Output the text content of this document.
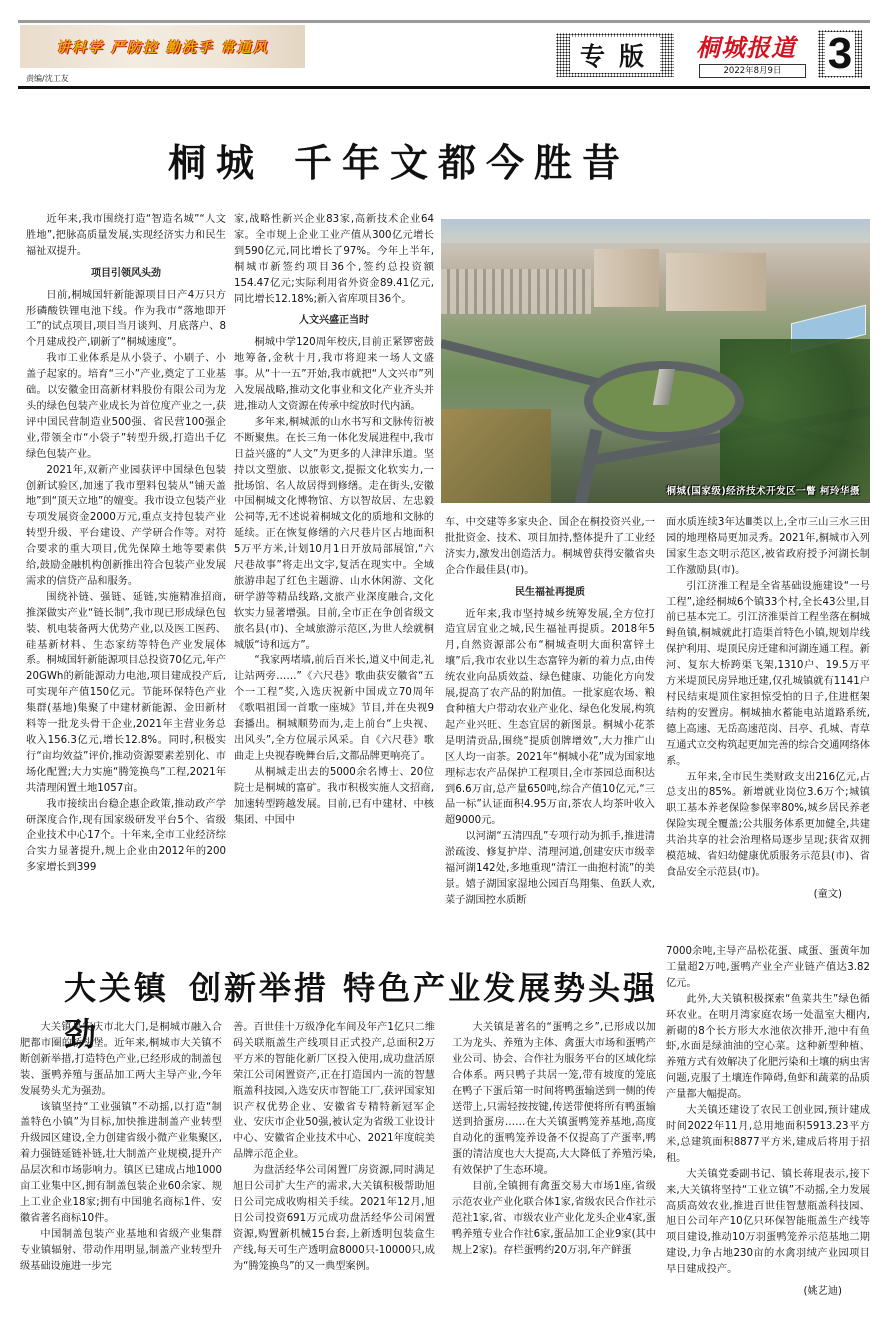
讲科学 严防控 勤洗手 常通风
责编/沈工友
专版 桐城报道
2022年8月9日	3
桐城 千年文都今胜昔

近年来,我市围绕打造“智造名城”“人文胜地”,把脉高质量发展,实现经济实力和民生福祉双提升。

项目引领风头劲

日前,桐城国轩新能源项目日产4万只方形磷酸铁锂电池下线。作为我市“落地即开工”的试点项目,项目当月谈判、月底落户、8个月建成投产,刷新了“桐城速度”。

我市工业体系是从小袋子、小刷子、小盖子起家的。培育“三小”产业,奠定了工业基础。以安徽金田高新材料股份有限公司为龙头的绿色包装产业成长为首位度产业之一,获评中国民营制造业500强、省民营100强企业,带领全市“小袋子”转型升级,打造出千亿绿色包装产业。

2021年,双新产业园获评中国绿色包装创新试验区,加速了我市塑料包装从“铺天盖地”到“顶天立地”的嬗变。我市设立包装产业专项发展资金2000万元,重点支持包装产业转型升级、平台建设、产学研合作等。对符合要求的重大项目,优先保障土地等要素供给,鼓励金融机构创新推出符合包装产业发展需求的信贷产品和服务。

围绕补链、强链、延链,实施精准招商,推深做实产业“链长制”,我市现已形成绿色包装、机电装备两大优势产业,以及医工医药、硅基新材料、生态家纺等特色产业发展体系。桐城国轩新能源项目总投资70亿元,年产20GWh的新能源动力电池,项目建成投产后,可实现年产值150亿元。节能环保特色产业集群(基地)集聚了中建材新能源、金田新材料等一批龙头骨干企业,2021年主营业务总收入156.3亿元,增长12.8%。同时,积极实行“亩均效益”评价,推动资源要素差别化、市场化配置;大力实施“腾笼换鸟”工程,2021年共清理闲置土地1057亩。

我市接续出台稳企惠企政策,推动政产学研深度合作,现有国家级研发平台5个、省级企业技术中心17个。十年来,全市工业经济综合实力显著提升,规上企业由2012年的200多家增长到399

家,战略性新兴企业83家,高新技术企业64家。全市规上企业工业产值从300亿元增长到590亿元,同比增长了97%。今年上半年,桐城市新签约项目36个,签约总投资额154.47亿元;实际利用省外资金89.41亿元,同比增长12.18%;新入省库项目36个。

人文兴盛正当时

桐城中学120周年校庆,目前正紧锣密鼓地筹备,金秋十月,我市将迎来一场人文盛事。从“十一五”开始,我市就把“人文兴市”列入发展战略,推动文化事业和文化产业齐头并进,推动人文资源在传承中绽放时代内涵。

多年来,桐城派的山水书写和文脉传衍被不断聚焦。在长三角一体化发展进程中,我市日益兴盛的“人文”为更多的人津津乐道。坚持以文塑旅、以旅彰文,提振文化软实力,一批场馆、名人故居得到修缮。走在街头,安徽中国桐城文化博物馆、方以智故居、左忠毅公祠等,无不述说着桐城文化的质地和文脉的延续。正在恢复修缮的六尺巷片区占地面积5万平方米,计划10月1日开放局部展馆,“六尺巷故事”将走出文字,复活在现实中。全域旅游串起了红色主题游、山水休闲游、文化研学游等精品线路,文旅产业深度融合,文化软实力显著增强。目前,全市正在争创省级文旅名县(市)、全域旅游示范区,为世人绘就桐城版“诗和远方”。

“我家两堵墙,前后百米长,道义中间走,礼让站两旁……”《六尺巷》歌曲获安徽省“五个一工程”奖,入选庆祝新中国成立70周年《歌唱祖国一首歌一座城》节目,并在央视9套播出。桐城顺势而为,走上前台“上央视、出风头”,全方位展示风采。自《六尺巷》歌曲走上央视春晚舞台后,文都品牌更响亮了。

从桐城走出去的5000余名博士、20位院士是桐城的富矿。我市积极实施人文招商,加速转型跨越发展。目前,已有中建材、中核集团、中国中

桐城(国家级)经济技术开发区一瞥 柯玲华摄

车、中交建等多家央企、国企在桐投资兴业,一批批资金、技术、项目加持,整体提升了工业经济实力,激发出创造活力。桐城曾获得安徽省央企合作最佳县(市)。

民生福祉再提质

近年来,我市坚持城乡统筹发展,全方位打造宜居宜业之城,民生福祉再提质。2018年5月,自然资源部公布“桐城查明大面积富锌土壤”后,我市农业以生态富锌为新的着力点,由传统农业向品质效益、绿色健康、功能化方向发展,提高了农产品的附加值。一批家庭农场、粮食种植大户带动农业产业化、绿色化发展,构筑起产业兴旺、生态宜居的新图景。桐城小花茶是明清贡品,围绕“提质创牌增效”,大力推广山区人均一亩茶。2021年“桐城小花”成为国家地理标志农产品保护工程项目,全市茶园总面积达到6.6万亩,总产量650吨,综合产值10亿元,“三品一标”认证面积4.95万亩,茶农人均茶叶收入超9000元。

以河湖“五清四乱”专项行动为抓手,推进清淤疏浚、修复护岸、清理河道,创建安庆市级幸福河湖142处,多地重现“清江一曲抱村流”的美景。嬉子湖国家湿地公园百鸟翔集、鱼跃人欢,菜子湖国控水质断

面水质连续3年达Ⅲ类以上,全市三山三水三田园的地理格局更加灵秀。2021年,桐城市入列国家生态文明示范区,被省政府授予河湖长制工作激励县(市)。

引江济淮工程是全省基础设施建设“一号工程”,途经桐城6个镇33个村,全长43公里,目前已基本完工。引江济淮渠首工程坐落在桐城鲟鱼镇,桐城就此打造渠首特色小镇,规划岸线保护利用、堤顶民房迁建和河湖连通工程。新河、复东大桥跨渠飞架,1310户、19.5万平方米堤顶民房异地迁建,仅孔城镇就有1141户村民结束堤顶住家担惊受怕的日子,住进框架结构的安置房。桐城抽水蓄能电站道路系统,德上高速、无岳高速范岗、吕亭、孔城、青草互通式立交构筑起更加完善的综合交通网络体系。

五年来,全市民生类财政支出216亿元,占总支出的85%。新增就业岗位3.6万个;城镇职工基本养老保险参保率80%,城乡居民养老保险实现全覆盖;公共服务体系更加健全,共建共治共享的社会治理格局逐步呈现;获省双拥模范城、省妇幼健康优质服务示范县(市)、省食品安全示范县(市)。

(童文)

大关镇 创新举措 特色产业发展势头强劲

大关镇是安庆市北大门,是桐城市融入合肥都市圈的桥头堡。近年来,桐城市大关镇不断创新举措,打造特色产业,已经形成的制盖包装、蛋鸭养殖与蛋品加工两大主导产业,今年发展势头尤为强劲。

该镇坚持“工业强镇”不动摇,以打造“制盖特色小镇”为目标,加快推进制盖产业转型升级园区建设,全力创建省级小微产业集聚区,着力强链延链补链,壮大制盖产业规模,提升产品层次和市场影响力。镇区已建成占地1000亩工业集中区,拥有制盖包装企业60余家、规上工业企业18家;拥有中国驰名商标1件、安徽省著名商标10件。

中国制盖包装产业基地和省级产业集群专业镇辐射、带动作用明显,制盖产业转型升级基础设施进一步完

善。百世佳十万级净化车间及年产1亿只二维码关联瓶盖生产线项目正式投产,总面积2万平方米的智能化新厂区投入使用,成功盘活原荣江公司闲置资产,正在打造国内一流的智慧瓶盖科技园,入选安庆市智能工厂,获评国家知识产权优势企业、安徽省专精特新冠军企业、安庆市企业50强,被认定为省级工业设计中心、安徽省企业技术中心、2021年度皖美品牌示范企业。

为盘活经华公司闲置厂房资源,同时满足旭日公司扩大生产的需求,大关镇积极帮助旭日公司完成收购相关手续。2021年12月,旭日公司投资691万元成功盘活经华公司闲置资源,购置新机械15台套,上新透明包装盒生产线,每天可生产透明盒8000只-10000只,成为“腾笼换鸟”的又一典型案例。

大关镇是著名的“蛋鸭之乡”,已形成以加工为龙头、养殖为主体、禽蛋大市场和蛋鸭产业公司、协会、合作社为服务平台的区域化综合体系。两只鸭子共居一笼,带有坡度的笼底在鸭子下蛋后第一时间将鸭蛋输送到一侧的传送带上,只需轻按按键,传送带便将所有鸭蛋输送到拾蛋房……在大关镇蛋鸭笼养基地,高度自动化的蛋鸭笼养设备不仅提高了产蛋率,鸭蛋的清洁度也大大提高,大大降低了养殖污染,有效保护了生态环境。

目前,全镇拥有禽蛋交易大市场1座,省级示范农业产业化联合体1家,省级农民合作社示范社1家,省、市级农业产业化龙头企业4家,蛋鸭养殖专业合作社6家,蛋品加工企业9家(其中规上2家)。存栏蛋鸭约20万羽,年产鲜蛋

7000余吨,主导产品松花蛋、咸蛋、蛋黄年加工量超2万吨,蛋鸭产业全产业链产值达3.82亿元。

此外,大关镇积极探索“鱼菜共生”绿色循环农业。在明月湾家庭农场一处温室大棚内,新砌的8个长方形大水池依次排开,池中有鱼虾,水面是绿油油的空心菜。这种新型种植、养殖方式有效解决了化肥污染和土壤的病虫害问题,克服了土壤连作障碍,鱼虾和蔬菜的品质产量都大幅提高。

大关镇还建设了农民工创业园,预计建成时间2022年11月,总用地面积5913.23平方米,总建筑面积8877平方米,建成后将用于招租。

大关镇党委副书记、镇长蒋琨表示,接下来,大关镇将坚持“工业立镇”不动摇,全力发展高质高效农业,推进百世佳智慧瓶盖科技园、旭日公司年产10亿只环保智能瓶盖生产线等项目建设,推动10万羽蛋鸭笼养示范基地二期建设,力争占地230亩的水禽羽绒产业园项目早日建成投产。

(姚艺迪)
